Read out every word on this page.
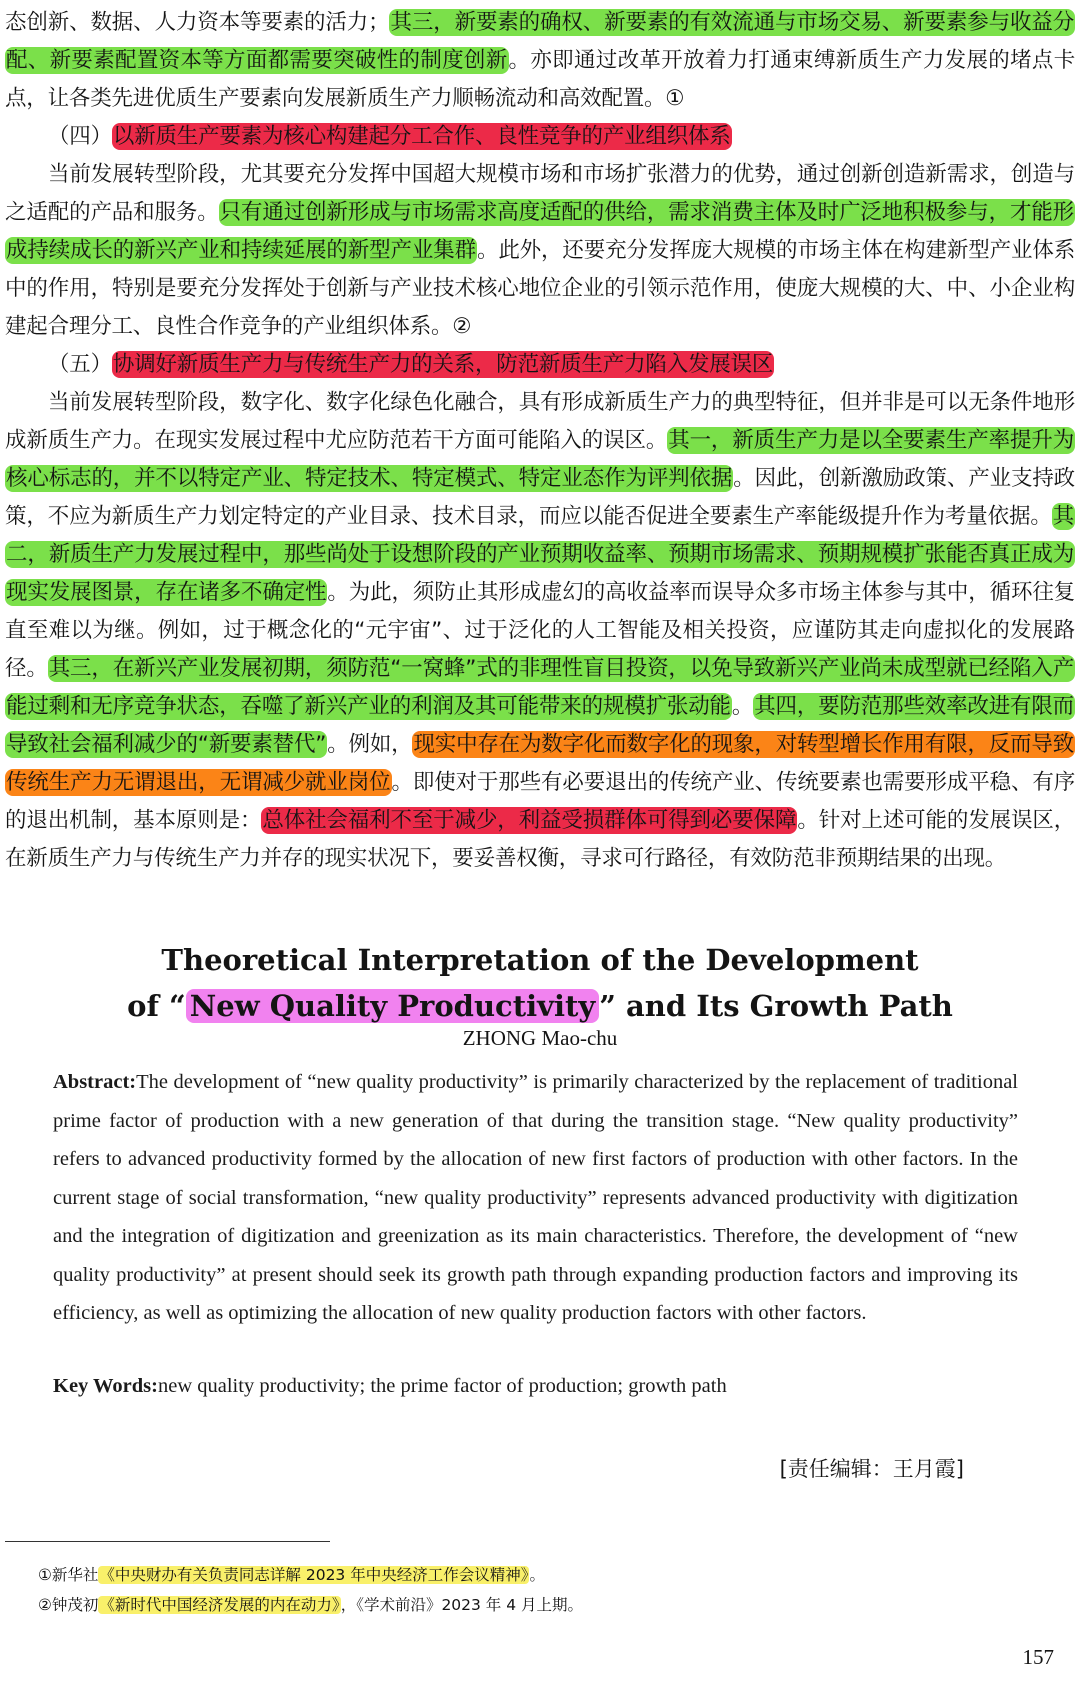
态创新、数据、人力资本等要素的活力；其三，新要素的确权、新要素的有效流通与市场交易、新要素参与收益分配、新要素配置资本等方面都需要突破性的制度创新。亦即通过改革开放着力打通束缚新质生产力发展的堵点卡点，让各类先进优质生产要素向发展新质生产力顺畅流动和高效配置。①

（四）以新质生产要素为核心构建起分工合作、良性竞争的产业组织体系

当前发展转型阶段，尤其要充分发挥中国超大规模市场和市场扩张潜力的优势，通过创新创造新需求，创造与之适配的产品和服务。只有通过创新形成与市场需求高度适配的供给，需求消费主体及时广泛地积极参与，才能形成持续成长的新兴产业和持续延展的新型产业集群。此外，还要充分发挥庞大规模的市场主体在构建新型产业体系中的作用，特别是要充分发挥处于创新与产业技术核心地位企业的引领示范作用，使庞大规模的大、中、小企业构建起合理分工、良性合作竞争的产业组织体系。②

（五）协调好新质生产力与传统生产力的关系，防范新质生产力陷入发展误区

当前发展转型阶段，数字化、数字化绿色化融合，具有形成新质生产力的典型特征，但并非是可以无条件地形成新质生产力。在现实发展过程中尤应防范若干方面可能陷入的误区。其一，新质生产力是以全要素生产率提升为核心标志的，并不以特定产业、特定技术、特定模式、特定业态作为评判依据。因此，创新激励政策、产业支持政策，不应为新质生产力划定特定的产业目录、技术目录，而应以能否促进全要素生产率能级提升作为考量依据。其二，新质生产力发展过程中，那些尚处于设想阶段的产业预期收益率、预期市场需求、预期规模扩张能否真正成为现实发展图景，存在诸多不确定性。为此，须防止其形成虚幻的高收益率而误导众多市场主体参与其中，循环往复直至难以为继。例如，过于概念化的“元宇宙”、过于泛化的人工智能及相关投资，应谨防其走向虚拟化的发展路径。其三，在新兴产业发展初期，须防范“一窝蜂”式的非理性盲目投资，以免导致新兴产业尚未成型就已经陷入产能过剩和无序竞争状态，吞噬了新兴产业的利润及其可能带来的规模扩张动能。其四，要防范那些效率改进有限而导致社会福利减少的“新要素替代”。例如，现实中存在为数字化而数字化的现象，对转型增长作用有限，反而导致传统生产力无谓退出，无谓减少就业岗位。即使对于那些有必要退出的传统产业、传统要素也需要形成平稳、有序的退出机制，基本原则是：总体社会福利不至于减少，利益受损群体可得到必要保障。针对上述可能的发展误区，在新质生产力与传统生产力并存的现实状况下，要妥善权衡，寻求可行路径，有效防范非预期结果的出现。

Theoretical Interpretation of the Development
of “ New Quality Productivity ” and Its Growth Path
ZHONG Mao-chu
Abstract:The development of “new quality productivity” is primarily characterized by the replacement of traditional prime factor of production with a new generation of that during the transition stage. “New quality productivity” refers to advanced productivity formed by the allocation of new first factors of production with other factors. In the current stage of social transformation, “new quality productivity” represents advanced productivity with digitization and the integration of digitization and greenization as its main characteristics. Therefore, the development of “new quality productivity” at present should seek its growth path through expanding production factors and improving its efficiency, as well as optimizing the allocation of new quality production factors with other factors.
Key Words:new quality productivity; the prime factor of production; growth path
[责任编辑：王月霞]
①新华社《中央财办有关负责同志详解 2023 年中央经济工作会议精神》。
②钟茂初《新时代中国经济发展的内在动力》，《学术前沿》2023 年 4 月上期。
157
